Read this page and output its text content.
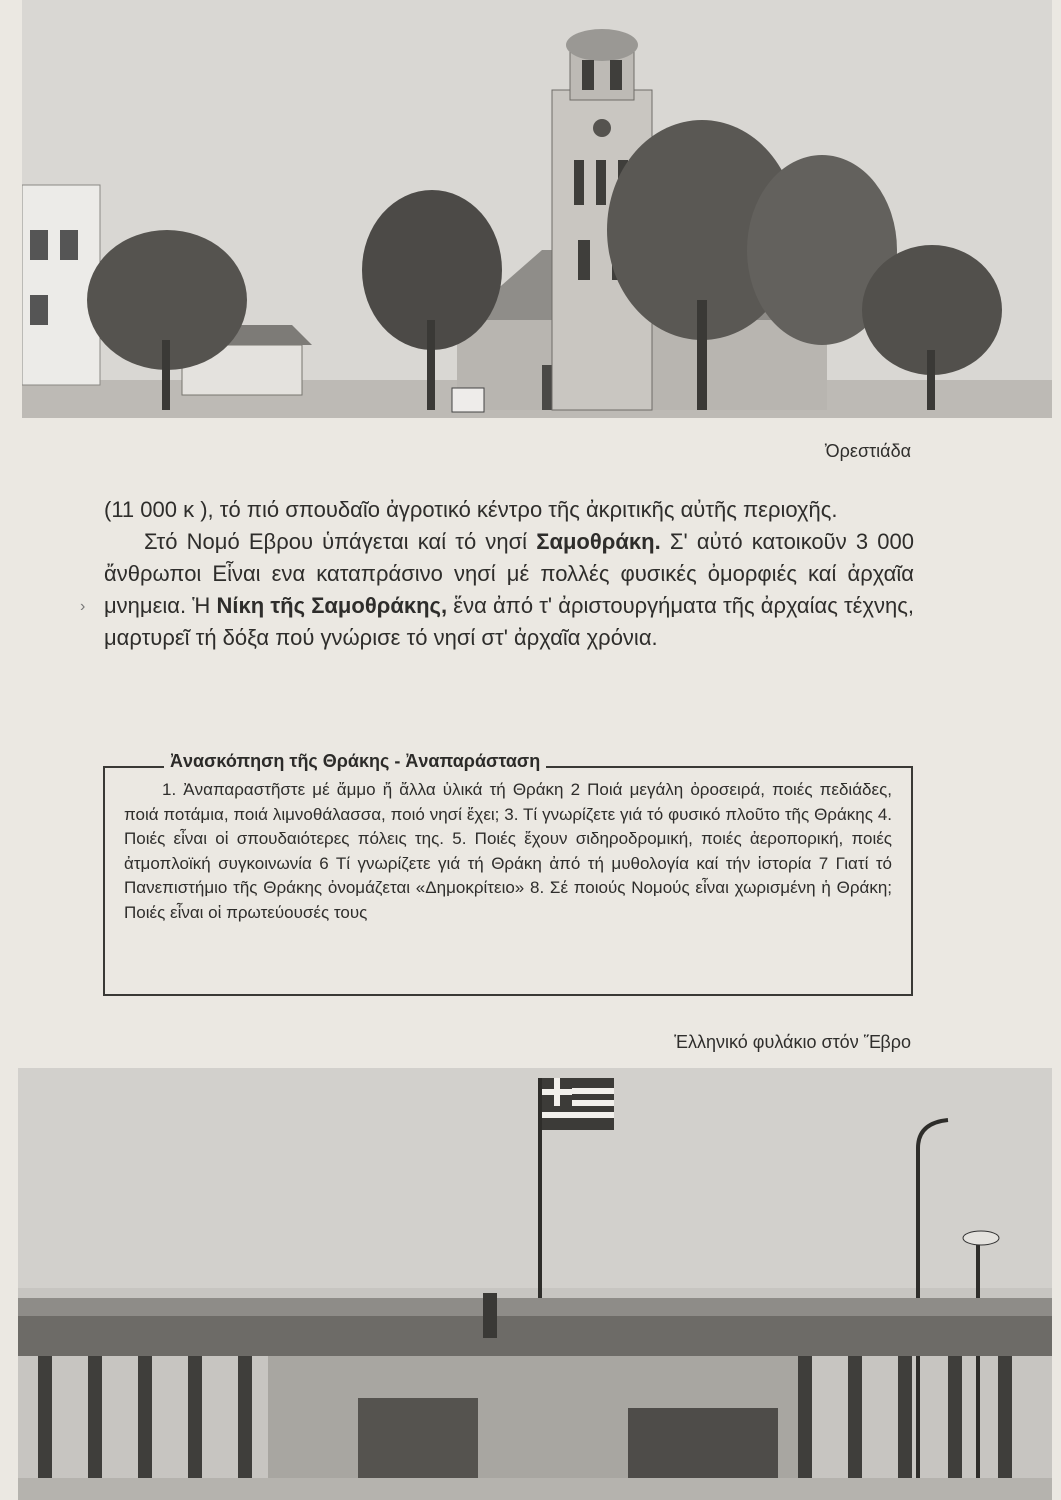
Ὀρεστιάδα
›

(11 000 κ ), τό πιό σπουδαῖο ἀγροτικό κέντρο τῆς ἀκριτικῆς αὐτῆς περιοχῆς.

Στό Νομό Εβρου ὑπάγεται καί τό νησί Σαμοθράκη. Σ' αὐτό κατοικοῦν 3 000 ἄνθρωποι Εἶναι ενα καταπράσινο νησί μέ πολλές φυσικές ὀμορφιές καί ἀρχαῖα μνημεια. Ἡ Νίκη τῆς Σαμοθράκης, ἕνα ἀπό τ' ἀριστουργήματα τῆς ἀρχαίας τέχνης, μαρτυρεῖ τή δόξα πού γνώρισε τό νησί στ' ἀρχαῖα χρόνια.

Ἀνασκόπηση τῆς Θράκης - Ἀναπαράσταση
1. Ἀναπαραστῆστε μέ ἄμμο ἤ ἄλλα ὑλικά τή Θράκη 2 Ποιά μεγάλη ὀροσειρά, ποιές πεδιάδες, ποιά ποτάμια, ποιά λιμνοθάλασσα, ποιό νησί ἔχει; 3. Τί γνωρίζετε γιά τό φυσικό πλοῦτο τῆς Θράκης 4. Ποιές εἶναι οἱ σπουδαιότερες πόλεις της. 5. Ποιές ἔχουν σιδηροδρομική, ποιές ἀεροπορική, ποιές ἀτμοπλοϊκή συγκοινωνία 6 Τί γνωρίζετε γιά τή Θράκη ἀπό τή μυθολογία καί τήν ἱστορία 7 Γιατί τό Πανεπιστήμιο τῆς Θράκης ὀνομάζεται «Δημοκρίτειο» 8. Σέ ποιούς Νομούς εἶναι χωρισμένη ἡ Θράκη; Ποιές εἶναι οἱ πρωτεύουσές τους
Ἑλληνικό φυλάκιο στόν Ἕβρο
